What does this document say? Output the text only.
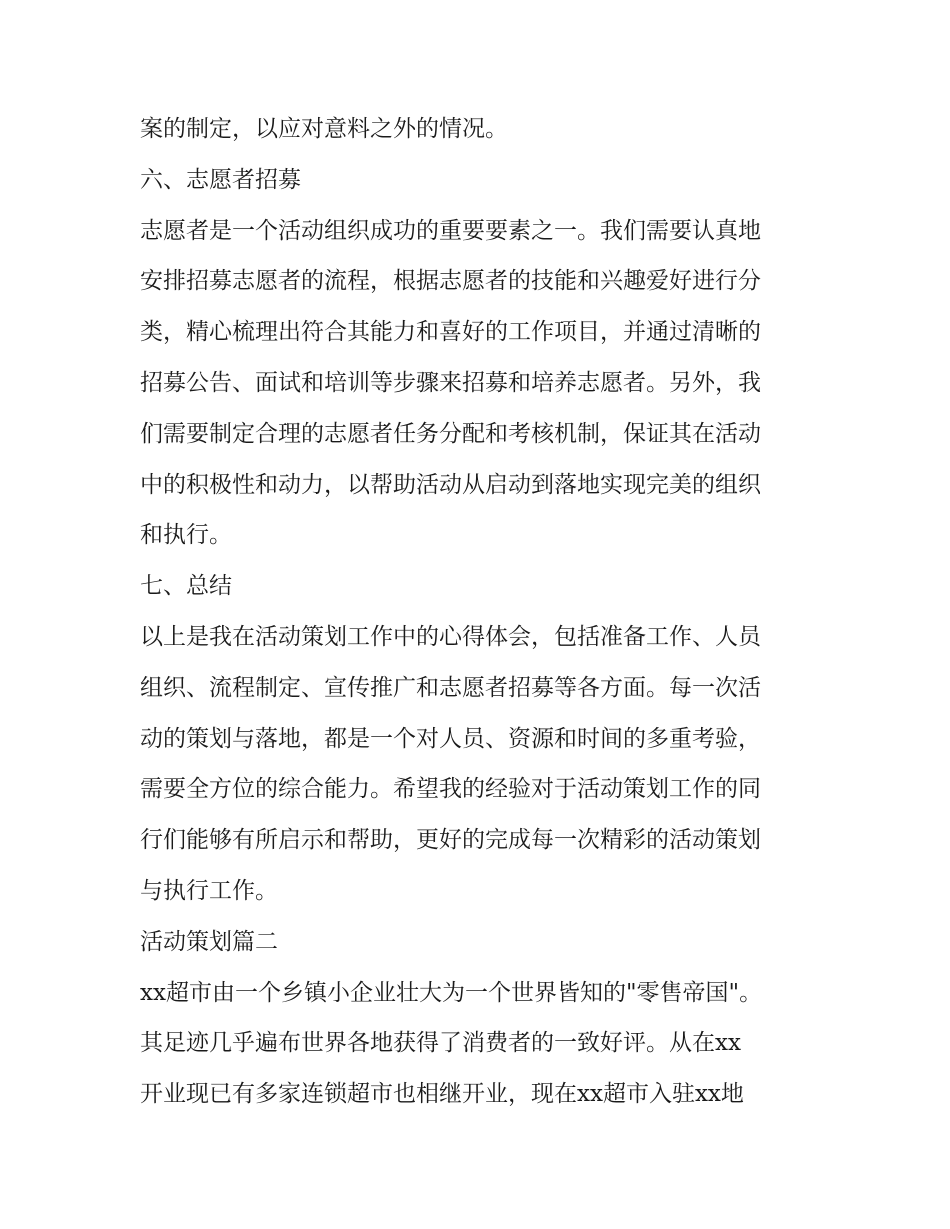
案的制定，以应对意料之外的情况。
六、志愿者招募
志愿者是一个活动组织成功的重要要素之一。我们需要认真地
安排招募志愿者的流程，根据志愿者的技能和兴趣爱好进行分
类，精心梳理出符合其能力和喜好的工作项目，并通过清晰的
招募公告、面试和培训等步骤来招募和培养志愿者。另外，我
们需要制定合理的志愿者任务分配和考核机制，保证其在活动
中的积极性和动力，以帮助活动从启动到落地实现完美的组织
和执行。
七、总结
以上是我在活动策划工作中的心得体会，包括准备工作、人员
组织、流程制定、宣传推广和志愿者招募等各方面。每一次活
动的策划与落地，都是一个对人员、资源和时间的多重考验，
需要全方位的综合能力。希望我的经验对于活动策划工作的同
行们能够有所启示和帮助，更好的完成每一次精彩的活动策划
与执行工作。
活动策划篇二
xx超市由一个乡镇小企业壮大为一个世界皆知的"零售帝国"。
其足迹几乎遍布世界各地获得了消费者的一致好评。从在xx
开业现已有多家连锁超市也相继开业，现在xx超市入驻xx地
